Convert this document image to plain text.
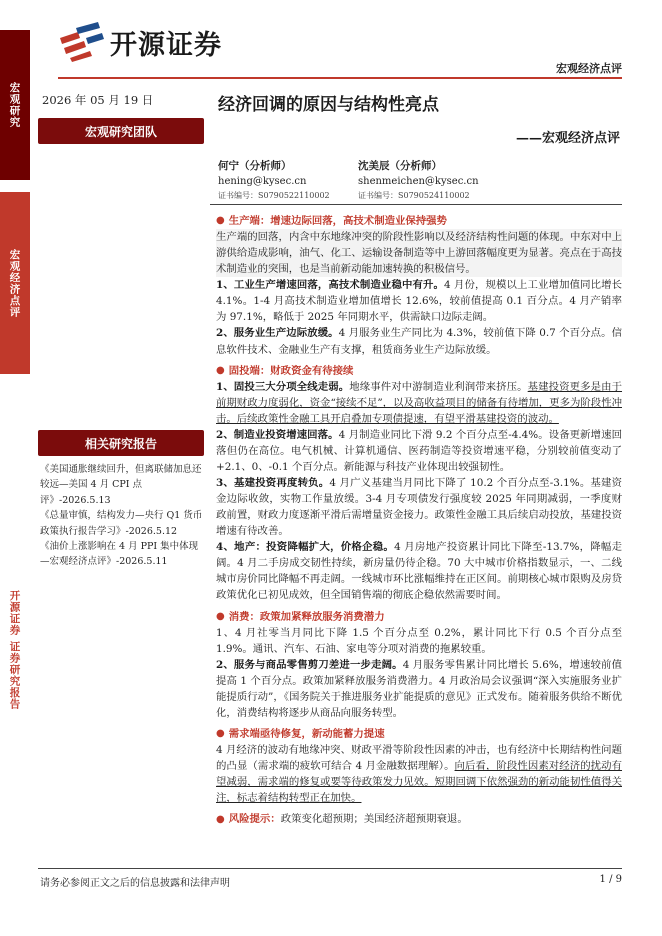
开源证券
宏观经济点评
宏观研究
宏观经济点评
开源证券 证券研究报告
2026 年 05 月 19 日
宏观研究团队
相关研究报告
《美国通胀继续回升，但离联储加息还较远—美国 4 月 CPI 点评》-2026.5.13
《总量审慎，结构发力—央行 Q1 货币政策执行报告学习》-2026.5.12
《油价上涨影响在 4 月 PPI 集中体现—宏观经济点评》-2026.5.11
经济回调的原因与结构性亮点
——宏观经济点评
何宁（分析师）
hening@kysec.cn
证书编号：S0790522110002
沈美辰（分析师）
shenmeichen@kysec.cn
证书编号：S0790524110002
● 生产端：增速边际回落，高技术制造业保持强势
生产端的回落，内含中东地缘冲突的阶段性影响以及经济结构性问题的体现。中东对中上游供给造成影响，油气、化工、运输设备制造等中上游回落幅度更为显著。亮点在于高技术制造业的突围，也是当前新动能加速转换的积极信号。
1、工业生产增速回落，高技术制造业稳中有升。4 月份，规模以上工业增加值同比增长 4.1%。1-4 月高技术制造业增加值增长 12.6%，较前值提高 0.1 百分点。4 月产销率为 97.1%，略低于 2025 年同期水平，供需缺口边际走阔。
2、服务业生产边际放缓。4 月服务业生产同比为 4.3%，较前值下降 0.7 个百分点。信息软件技术、金融业生产有支撑，租赁商务业生产边际放缓。
● 固投端：财政资金有待接续
1、固投三大分项全线走弱。地缘事件对中游制造业利润带来挤压。基建投资更多是由于前期财政力度弱化，资金“接续不足”，以及高收益项目的储备有待增加，更多为阶段性冲击。后续政策性金融工具开启叠加专项债提速，有望平滑基建投资的波动。
2、制造业投资增速回落。4 月制造业同比下滑 9.2 个百分点至-4.4%。设备更新增速回落但仍在高位。电气机械、计算机通信、医药制造等投资增速平稳，分别较前值变动了+2.1、0、-0.1 个百分点。新能源与科技产业体现出较强韧性。
3、基建投资再度转负。4 月广义基建当月同比下降了 10.2 个百分点至-3.1%。基建资金边际收敛，实物工作量放缓。3-4 月专项债发行强度较 2025 年同期减弱，一季度财政前置，财政力度逐渐平滑后需增量资金接力。政策性金融工具后续启动投放，基建投资增速有待改善。
4、地产：投资降幅扩大，价格企稳。4 月房地产投资累计同比下降至-13.7%，降幅走阔。4 月二手房成交韧性持续，新房量仍待企稳。70 大中城市价格指数显示，一、二线城市房价同比降幅不再走阔。一线城市环比涨幅维持在正区间。前期核心城市限购及房贷政策优化已初见成效，但全国销售端的彻底企稳依然需要时间。
● 消费：政策加紧释放服务消费潜力
1、4 月社零当月同比下降 1.5 个百分点至 0.2%，累计同比下行 0.5 个百分点至 1.9%。通讯、汽车、石油、家电等分项对消费的拖累较重。
2、服务与商品零售剪刀差进一步走阔。4 月服务零售累计同比增长 5.6%，增速较前值提高 1 个百分点。政策加紧释放服务消费潜力。4 月政治局会议强调“深入实施服务业扩能提质行动”，《国务院关于推进服务业扩能提质的意见》正式发布。随着服务供给不断优化，消费结构将逐步从商品向服务转型。
● 需求端亟待修复，新动能蓄力提速
4 月经济的波动有地缘冲突、财政平滑等阶段性因素的冲击，也有经济中长期结构性问题的凸显（需求端的疲软可结合 4 月金融数据理解）。向后看，阶段性因素对经济的扰动有望减弱，需求端的修复或要等待政策发力见效。短期回调下依然强劲的新动能韧性值得关注，标志着结构转型正在加快。
● 风险提示：政策变化超预期；美国经济超预期衰退。
请务必参阅正文之后的信息披露和法律声明	1 / 9
